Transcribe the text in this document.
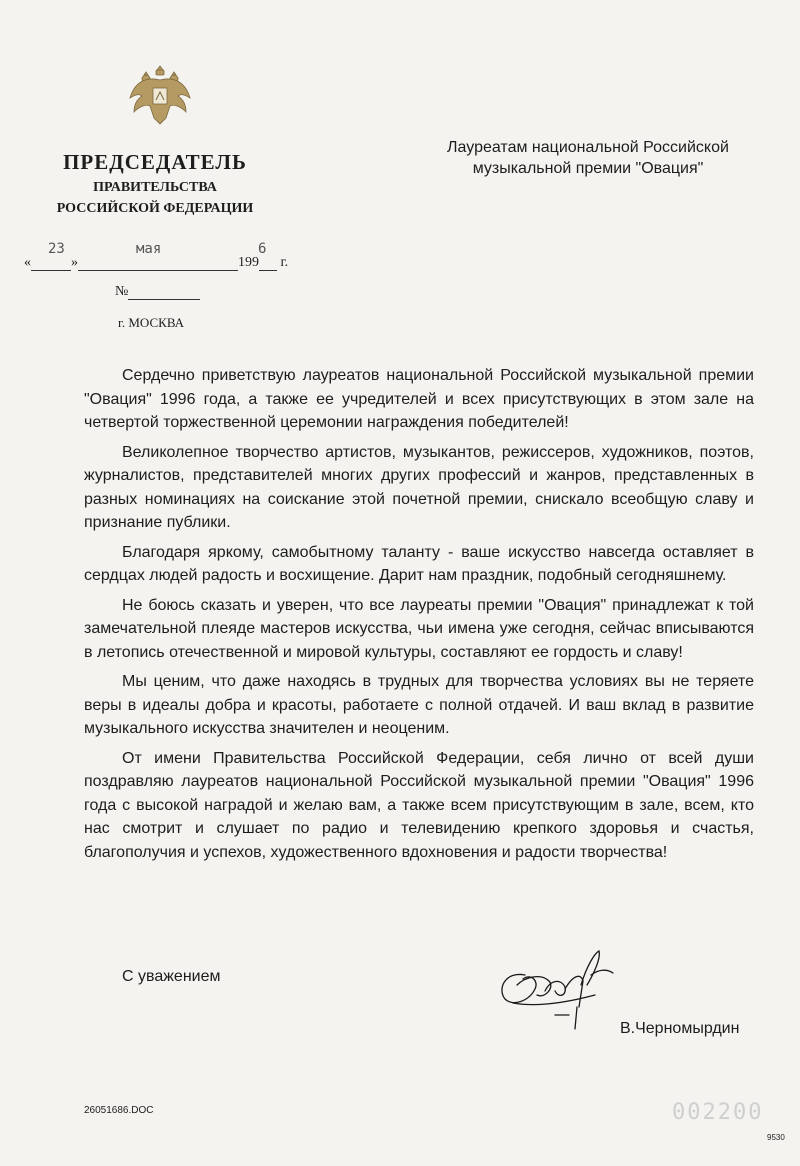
ПРЕДСЕДАТЕЛЬ
ПРАВИТЕЛЬСТВА
РОССИЙСКОЙ ФЕДЕРАЦИИ
Лауреатам национальной Российской
музыкальной премии "Овация"
«	»	199 г.
23	мая	6
№
г. МОСКВА

Сердечно приветствую лауреатов национальной Российской музыкальной премии "Овация" 1996 года, а также ее учредителей и всех присутствующих в этом зале на четвертой торжественной церемонии награждения победителей!

Великолепное творчество артистов, музыкантов, режиссеров, художников, поэтов, журналистов, представителей многих других профессий и жанров, представленных в разных номинациях на соискание этой почетной премии, снискало всеобщую славу и признание публики.

Благодаря яркому, самобытному таланту - ваше искусство навсегда оставляет в сердцах людей радость и восхищение. Дарит нам праздник, подобный сегодняшнему.

Не боюсь сказать и уверен, что все лауреаты премии "Овация" принадлежат к той замечательной плеяде мастеров искусства, чьи имена уже сегодня, сейчас вписываются в летопись отечественной и мировой культуры, составляют ее гордость и славу!

Мы ценим, что даже находясь в трудных для творчества условиях вы не теряете веры в идеалы добра и красоты, работаете с полной отдачей. И ваш вклад в развитие музыкального искусства значителен и неоценим.

От имени Правительства Российской Федерации, себя лично от всей души поздравляю лауреатов национальной Российской музыкальной премии "Овация" 1996 года с высокой наградой и желаю вам, а также всем присутствующим в зале, всем, кто нас смотрит и слушает по радио и телевидению крепкого здоровья и счастья, благополучия и успехов, художественного вдохновения и радости творчества!

С уважением
В.Черномырдин
26051686.DOC	002200
9530
